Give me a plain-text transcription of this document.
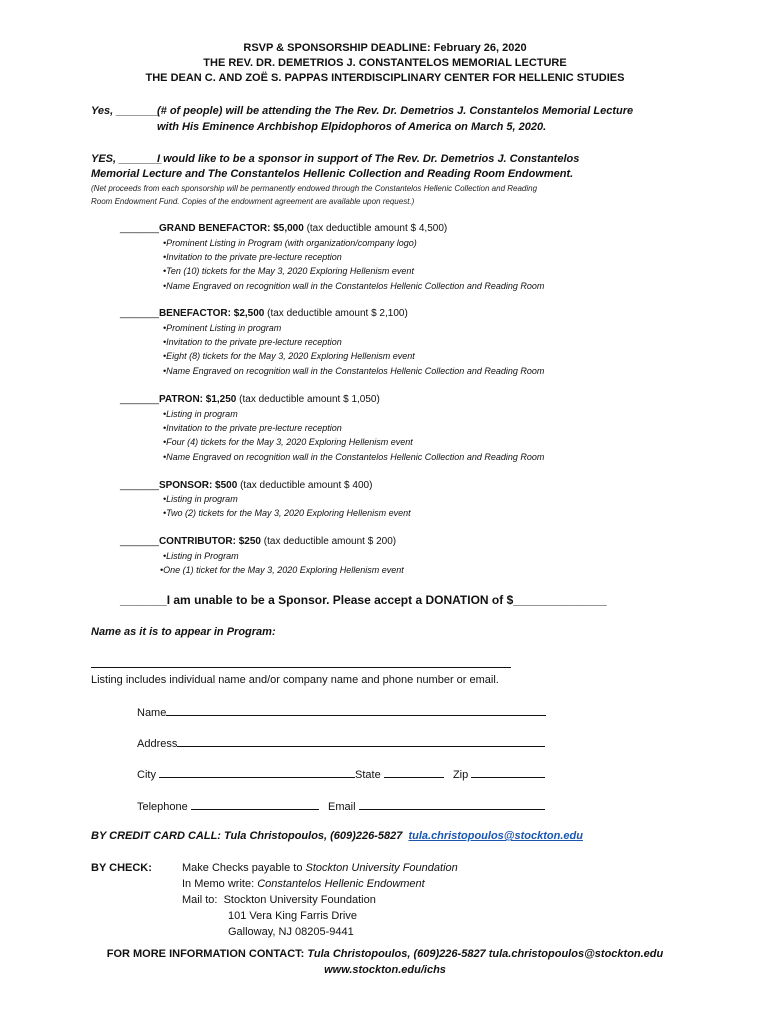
RSVP & SPONSORSHIP DEADLINE: February 26, 2020
THE REV. DR. DEMETRIOS J. CONSTANTELOS MEMORIAL LECTURE
THE DEAN C. AND ZOË S. PAPPAS INTERDISCIPLINARY CENTER FOR HELLENIC STUDIES
Yes, _______
(# of people) will be attending the The Rev. Dr. Demetrios J. Constantelos Memorial Lecture
with His Eminence Archbishop Elpidophoros of America on March 5, 2020.
YES, _______
I would like to be a sponsor in support of The Rev. Dr. Demetrios J. Constantelos
Memorial Lecture and The Constantelos Hellenic Collection and Reading Room Endowment.
(Net proceeds from each sponsorship will be permanently endowed through the Constantelos Hellenic Collection and Reading
Room Endowment Fund. Copies of the endowment agreement are available upon request.)
_______GRAND BENEFACTOR: $5,000 (tax deductible amount $ 4,500)
•Prominent Listing in Program (with organization/company logo)
•Invitation to the private pre-lecture reception
•Ten (10) tickets for the May 3, 2020 Exploring Hellenism event
•Name Engraved on recognition wall in the Constantelos Hellenic Collection and Reading Room
_______BENEFACTOR: $2,500 (tax deductible amount $ 2,100)
•Prominent Listing in program
•Invitation to the private pre-lecture reception
•Eight (8) tickets for the May 3, 2020 Exploring Hellenism event
•Name Engraved on recognition wall in the Constantelos Hellenic Collection and Reading Room
_______PATRON: $1,250 (tax deductible amount $ 1,050)
•Listing in program
•Invitation to the private pre-lecture reception
•Four (4) tickets for the May 3, 2020 Exploring Hellenism event
•Name Engraved on recognition wall in the Constantelos Hellenic Collection and Reading Room
_______SPONSOR: $500 (tax deductible amount $ 400)
•Listing in program
•Two (2) tickets for the May 3, 2020 Exploring Hellenism event
_______CONTRIBUTOR: $250 (tax deductible amount $ 200)
•Listing in Program
•One (1) ticket for the May 3, 2020 Exploring Hellenism event
_______I am unable to be a Sponsor. Please accept a DONATION of $______________
Name as it is to appear in Program:
Listing includes individual name and/or company name and phone number or email.
Name
Address
City	State	Zip
Telephone	Email
BY CREDIT CARD CALL: Tula Christopoulos, (609)226-5827 tula.christopoulos@stockton.edu
BY CHECK:	Make Checks payable to Stockton University Foundation
In Memo write: Constantelos Hellenic Endowment
Mail to: Stockton University Foundation
101 Vera King Farris Drive
Galloway, NJ 08205-9441
FOR MORE INFORMATION CONTACT: Tula Christopoulos, (609)226-5827 tula.christopoulos@stockton.edu
www.stockton.edu/ichs
